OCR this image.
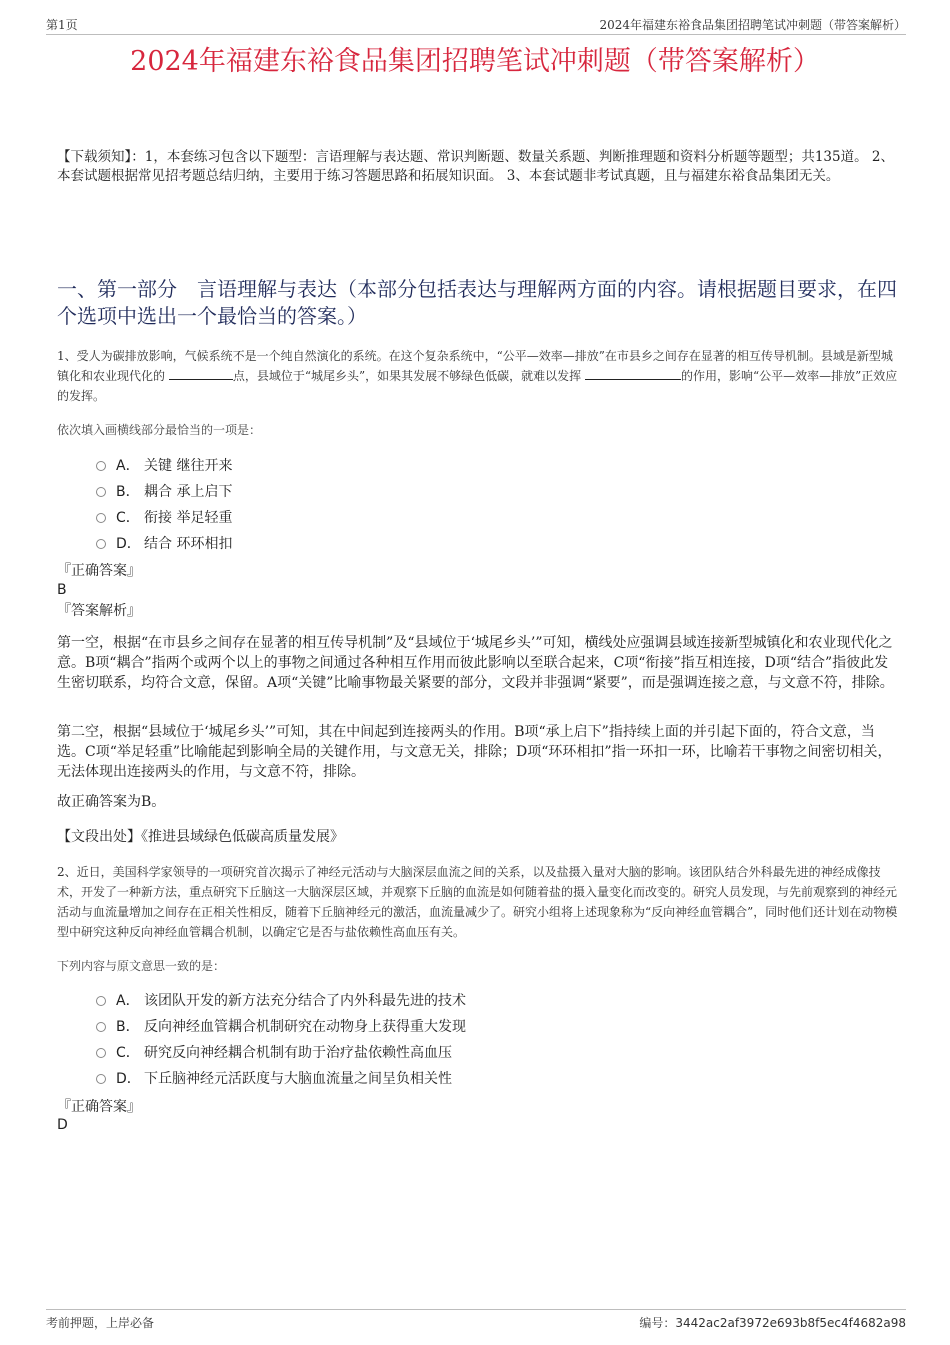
第1页	2024年福建东裕食品集团招聘笔试冲刺题（带答案解析）
2024年福建东裕食品集团招聘笔试冲刺题（带答案解析）

【下载须知】：1，本套练习包含以下题型：言语理解与表达题、常识判断题、数量关系题、判断推理题和资料分析题等题型；共135道。 2、本套试题根据常见招考题总结归纳，主要用于练习答题思路和拓展知识面。 3、本套试题非考试真题，且与福建东裕食品集团无关。

一、第一部分　言语理解与表达（本部分包括表达与理解两方面的内容。请根据题目要求，在四个选项中选出一个最恰当的答案。）

1、受人为碳排放影响，气候系统不是一个纯自然演化的系统。在这个复杂系统中，“公平—效率—排放”在市县乡之间存在显著的相互传导机制。县域是新型城镇化和农业现代化的	点，县域位于“城尾乡头”，如果其发展不够绿色低碳，就难以发挥	的作用，影响“公平—效率—排放”正效应的发挥。

依次填入画横线部分最恰当的一项是：

A． 关键 继往开来
B． 耦合 承上启下
C． 衔接 举足轻重
D． 结合 环环相扣

『正确答案』

B

『答案解析』

第一空，根据“在市县乡之间存在显著的相互传导机制”及“县域位于‘城尾乡头’”可知，横线处应强调县域连接新型城镇化和农业现代化之意。B项“耦合”指两个或两个以上的事物之间通过各种相互作用而彼此影响以至联合起来，C项“衔接”指互相连接，D项“结合”指彼此发生密切联系，均符合文意，保留。A项“关键”比喻事物最关紧要的部分，文段并非强调“紧要”，而是强调连接之意，与文意不符，排除。

第二空，根据“县域位于‘城尾乡头’”可知，其在中间起到连接两头的作用。B项“承上启下”指持续上面的并引起下面的，符合文意，当选。C项“举足轻重”比喻能起到影响全局的关键作用，与文意无关，排除；D项“环环相扣”指一环扣一环，比喻若干事物之间密切相关，无法体现出连接两头的作用，与文意不符，排除。

故正确答案为B。

【文段出处】《推进县域绿色低碳高质量发展》

2、近日，美国科学家领导的一项研究首次揭示了神经元活动与大脑深层血流之间的关系，以及盐摄入量对大脑的影响。该团队结合外科最先进的神经成像技术，开发了一种新方法，重点研究下丘脑这一大脑深层区域，并观察下丘脑的血流是如何随着盐的摄入量变化而改变的。研究人员发现，与先前观察到的神经元活动与血流量增加之间存在正相关性相反，随着下丘脑神经元的激活，血流量减少了。研究小组将上述现象称为“反向神经血管耦合”，同时他们还计划在动物模型中研究这种反向神经血管耦合机制，以确定它是否与盐依赖性高血压有关。

下列内容与原文意思一致的是：

A． 该团队开发的新方法充分结合了内外科最先进的技术
B． 反向神经血管耦合机制研究在动物身上获得重大发现
C． 研究反向神经耦合机制有助于治疗盐依赖性高血压
D． 下丘脑神经元活跃度与大脑血流量之间呈负相关性

『正确答案』

D

考前押题，上岸必备	编号：3442ac2af3972e693b8f5ec4f4682a98
